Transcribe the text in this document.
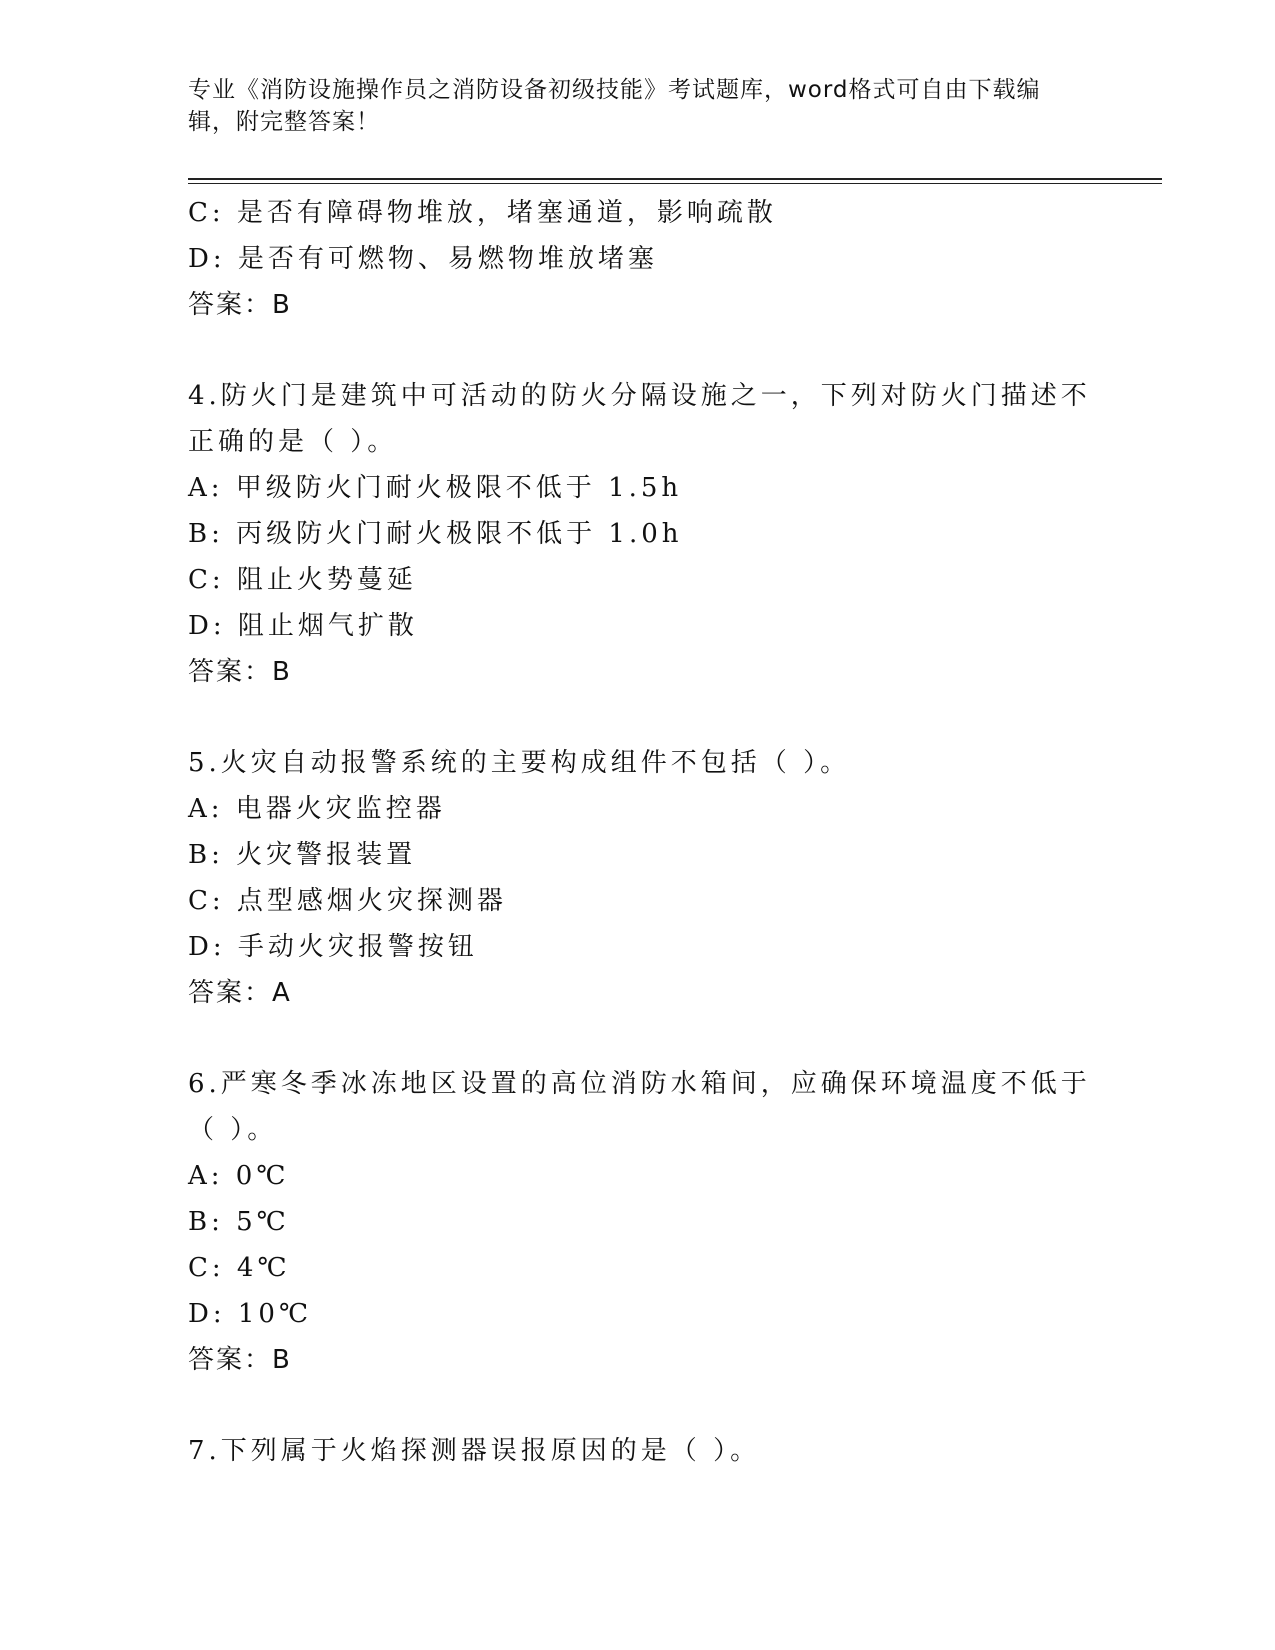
专业《消防设施操作员之消防设备初级技能》考试题库，word格式可自由下载编辑，附完整答案！
C: 是否有障碍物堆放，堵塞通道，影响疏散
D: 是否有可燃物、易燃物堆放堵塞
答案：B
4.防火门是建筑中可活动的防火分隔设施之一，下列对防火门描述不
正确的是（ ）。
A: 甲级防火门耐火极限不低于 1.5h
B: 丙级防火门耐火极限不低于 1.0h
C: 阻止火势蔓延
D: 阻止烟气扩散
答案：B
5.火灾自动报警系统的主要构成组件不包括（ ）。
A: 电器火灾监控器
B: 火灾警报装置
C: 点型感烟火灾探测器
D: 手动火灾报警按钮
答案：A
6.严寒冬季冰冻地区设置的高位消防水箱间，应确保环境温度不低于
（ ）。
A: 0℃
B: 5℃
C: 4℃
D: 10℃
答案：B
7.下列属于火焰探测器误报原因的是（ ）。
